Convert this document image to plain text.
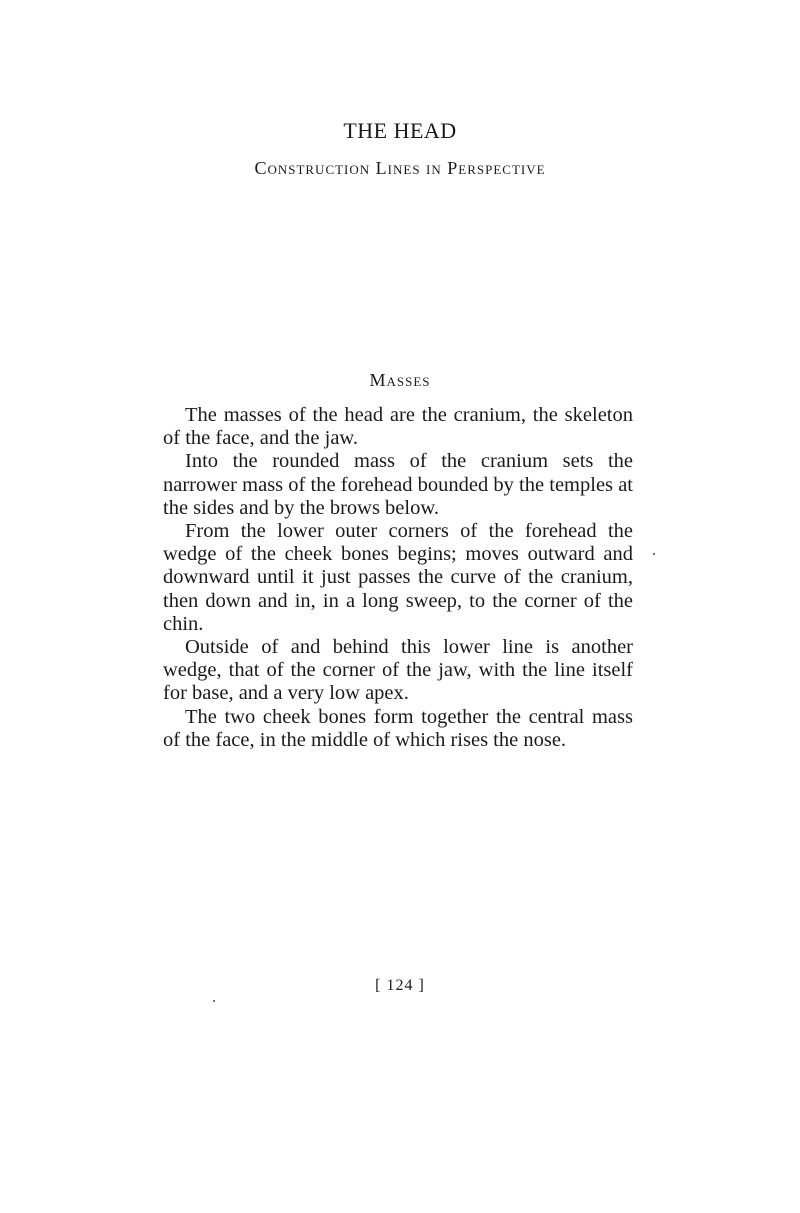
THE HEAD
Construction Lines in Perspective
Masses

The masses of the head are the cranium, the skeleton of the face, and the jaw.

Into the rounded mass of the cranium sets the narrower mass of the forehead bounded by the temples at the sides and by the brows below.

From the lower outer corners of the forehead the wedge of the cheek bones begins; moves outward and downward until it just passes the curve of the cranium, then down and in, in a long sweep, to the corner of the chin.

Outside of and behind this lower line is another wedge, that of the corner of the jaw, with the line itself for base, and a very low apex.

The two cheek bones form together the central mass of the face, in the middle of which rises the nose.

[ 124 ]
